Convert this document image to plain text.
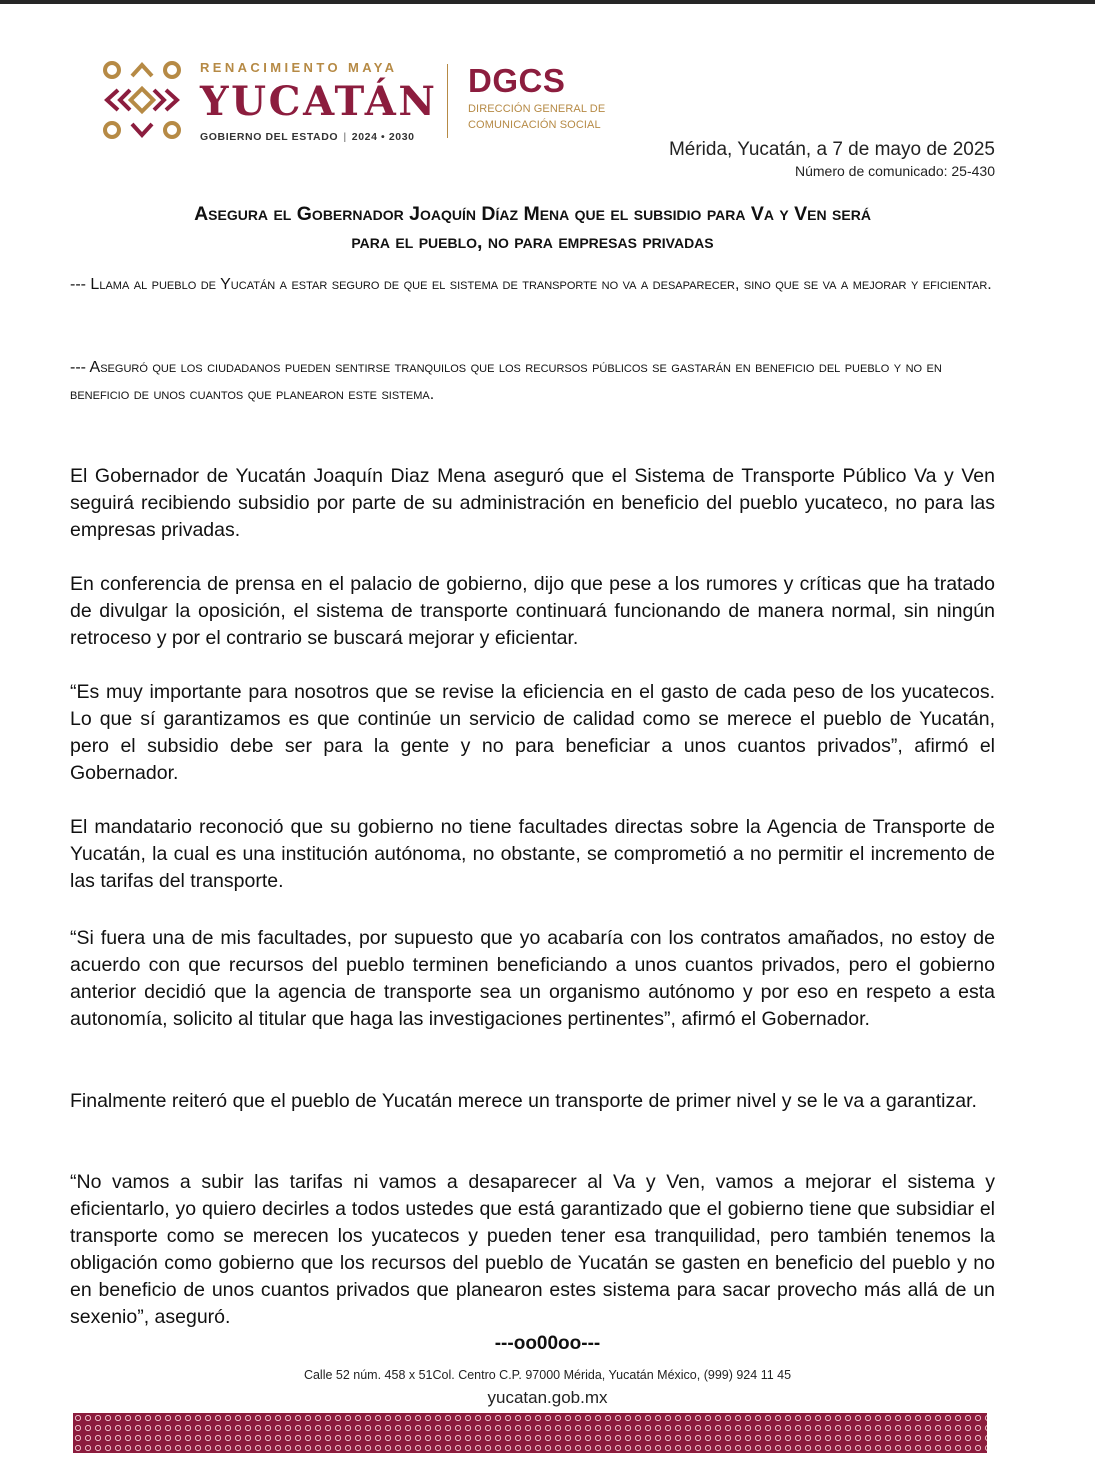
RENACIMIENTO MAYA
YUCATÁN
GOBIERNO DEL ESTADO | 2024 • 2030
DGCS
DIRECCIÓN GENERAL DE
COMUNICACIÓN SOCIAL
Mérida, Yucatán, a 7 de mayo de 2025
Número de comunicado: 25-430
Asegura el Gobernador Joaquín Díaz Mena que el subsidio para Va y Ven será
para el pueblo, no para empresas privadas
--- Llama al pueblo de Yucatán a estar seguro de que el sistema de transporte no va a desaparecer, sino que se va a mejorar y eficientar.
--- Aseguró que los ciudadanos pueden sentirse tranquilos que los recursos públicos se gastarán en beneficio del pueblo y no en beneficio de unos cuantos que planearon este sistema.
El Gobernador de Yucatán Joaquín Diaz Mena aseguró que el Sistema de Transporte Público Va y Ven seguirá recibiendo subsidio por parte de su administración en beneficio del pueblo yucateco, no para las empresas privadas.
En conferencia de prensa en el palacio de gobierno, dijo que pese a los rumores y críticas que ha tratado de divulgar la oposición, el sistema de transporte continuará funcionando de manera normal, sin ningún retroceso y por el contrario se buscará mejorar y eficientar.
“Es muy importante para nosotros que se revise la eficiencia en el gasto de cada peso de los yucatecos. Lo que sí garantizamos es que continúe un servicio de calidad como se merece el pueblo de Yucatán, pero el subsidio debe ser para la gente y no para beneficiar a unos cuantos privados”, afirmó el Gobernador.
El mandatario reconoció que su gobierno no tiene facultades directas sobre la Agencia de Transporte de Yucatán, la cual es una institución autónoma, no obstante, se comprometió a no permitir el incremento de las tarifas del transporte.
“Si fuera una de mis facultades, por supuesto que yo acabaría con los contratos amañados, no estoy de acuerdo con que recursos del pueblo terminen beneficiando a unos cuantos privados, pero el gobierno anterior decidió que la agencia de transporte sea un organismo autónomo y por eso en respeto a esta autonomía, solicito al titular que haga las investigaciones pertinentes”, afirmó el Gobernador.
Finalmente reiteró que el pueblo de Yucatán merece un transporte de primer nivel y se le va a garantizar.
“No vamos a subir las tarifas ni vamos a desaparecer al Va y Ven, vamos a mejorar el sistema y eficientarlo, yo quiero decirles a todos ustedes que está garantizado que el gobierno tiene que subsidiar el transporte como se merecen los yucatecos y pueden tener esa tranquilidad, pero también tenemos la obligación como gobierno que los recursos del pueblo de Yucatán se gasten en beneficio del pueblo y no en beneficio de unos cuantos privados que planearon estes sistema para sacar provecho más allá de un sexenio”, aseguró.
---oo00oo---
Calle 52 núm. 458 x 51Col. Centro C.P. 97000 Mérida, Yucatán México, (999) 924 11 45
yucatan.gob.mx
